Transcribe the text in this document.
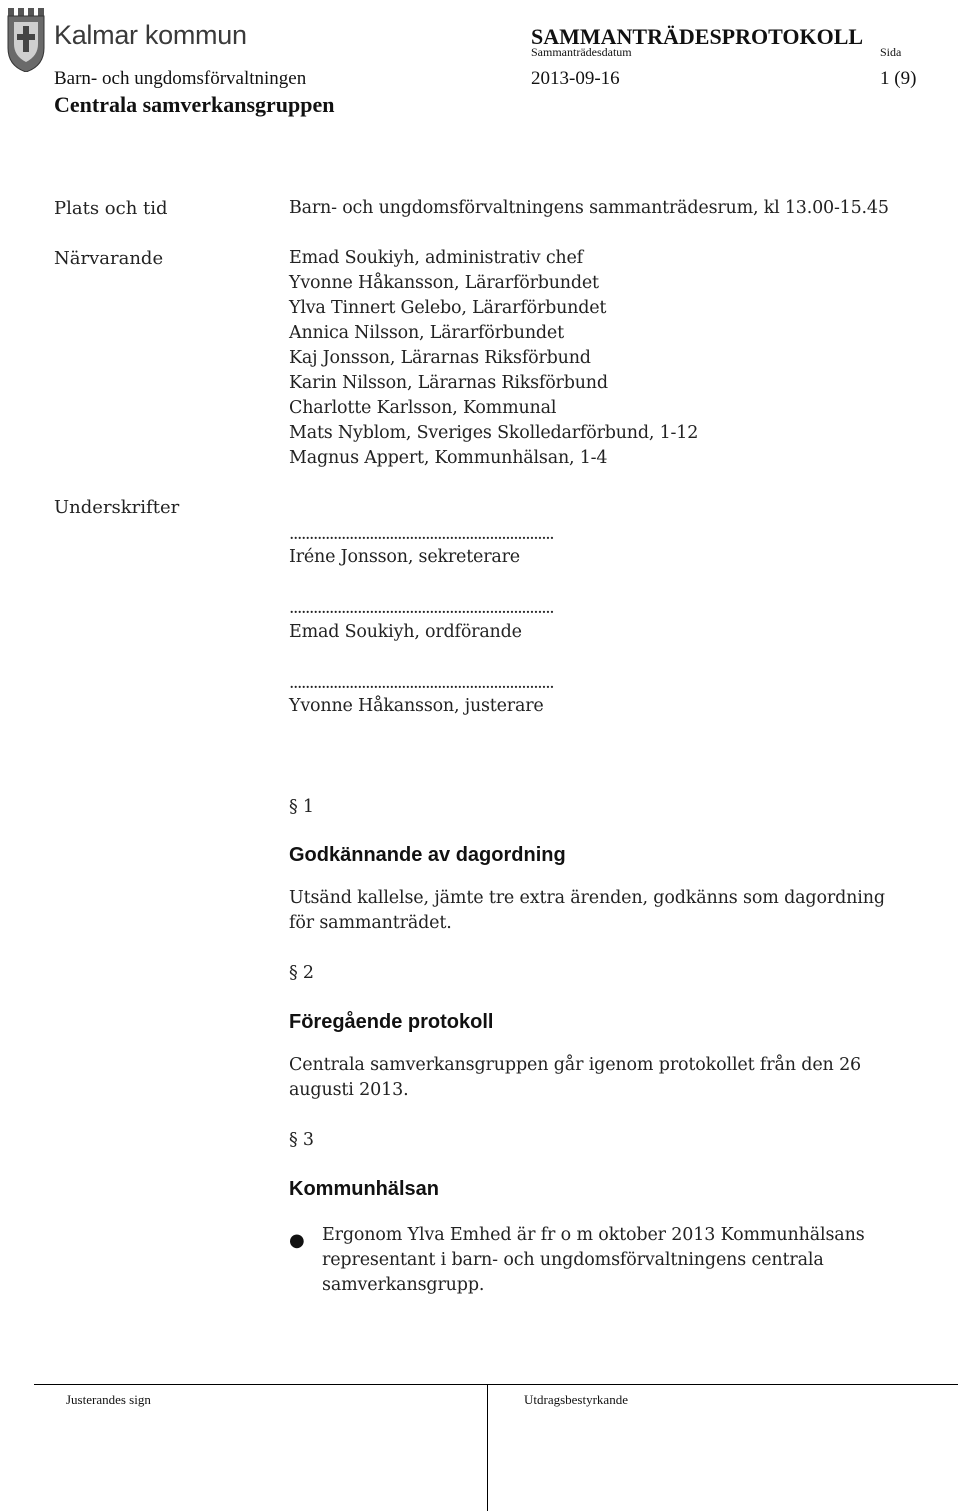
Kalmar kommun	SAMMANTRÄDESPROTOKOLL
Sammanträdesdatum	Sida
Barn- och ungdomsförvaltningen	2013-09-16	1 (9)
Centrala samverkansgruppen
Plats och tid	Barn- och ungdomsförvaltningens sammanträdesrum, kl 13.00-15.45
Närvarande	Emad Soukiyh, administrativ chef
Yvonne Håkansson, Lärarförbundet
Ylva Tinnert Gelebo, Lärarförbundet
Annica Nilsson, Lärarförbundet
Kaj Jonsson, Lärarnas Riksförbund
Karin Nilsson, Lärarnas Riksförbund
Charlotte Karlsson, Kommunal
Mats Nyblom, Sveriges Skolledarförbund, 1-12
Magnus Appert, Kommunhälsan, 1-4
Underskrifter
..................................................................
Iréne Jonsson, sekreterare
..................................................................
Emad Soukiyh, ordförande
..................................................................
Yvonne Håkansson, justerare
§ 1
Godkännande av dagordning
Utsänd kallelse, jämte tre extra ärenden, godkänns som dagordning för sammanträdet.
§ 2
Föregående protokoll
Centrala samverkansgruppen går igenom protokollet från den 26 augusti 2013.
§ 3
Kommunhälsan
● Ergonom Ylva Emhed är fr o m oktober 2013 Kommunhälsans representant i barn- och ungdomsförvaltningens centrala samverkansgrupp.
Justerandes sign	Utdragsbestyrkande
